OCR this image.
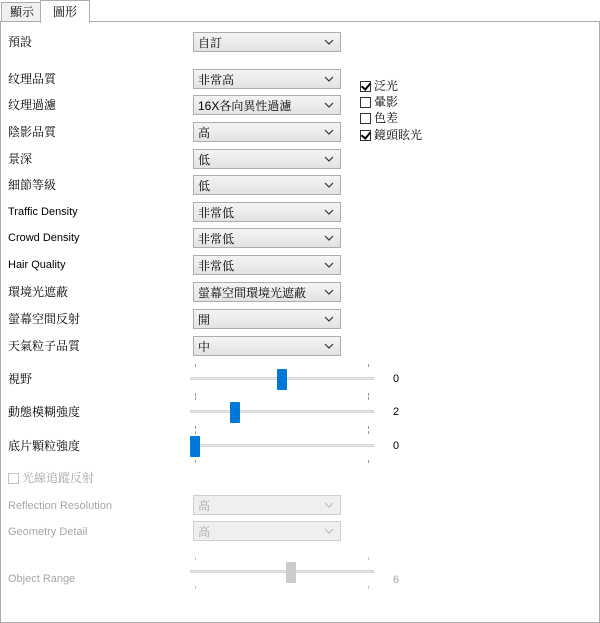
顯示	圖形
預設	自訂
纹理品質	非常高
纹理過濾	16X各向異性過濾
陰影品質	高
景深	低
細節等級	低
Traffic Density	非常低
Crowd Density	非常低
Hair Quality	非常低
環境光遮蔽	螢幕空間環境光遮蔽
螢幕空間反射	開
天氣粒子品質	中
泛光
暈影
色差
鏡頭眩光
視野	0
動態模糊強度	2
底片顆粒強度	0
光線追蹤反射
Reflection Resolution	高
Geometry Detail	高
Object Range	6
